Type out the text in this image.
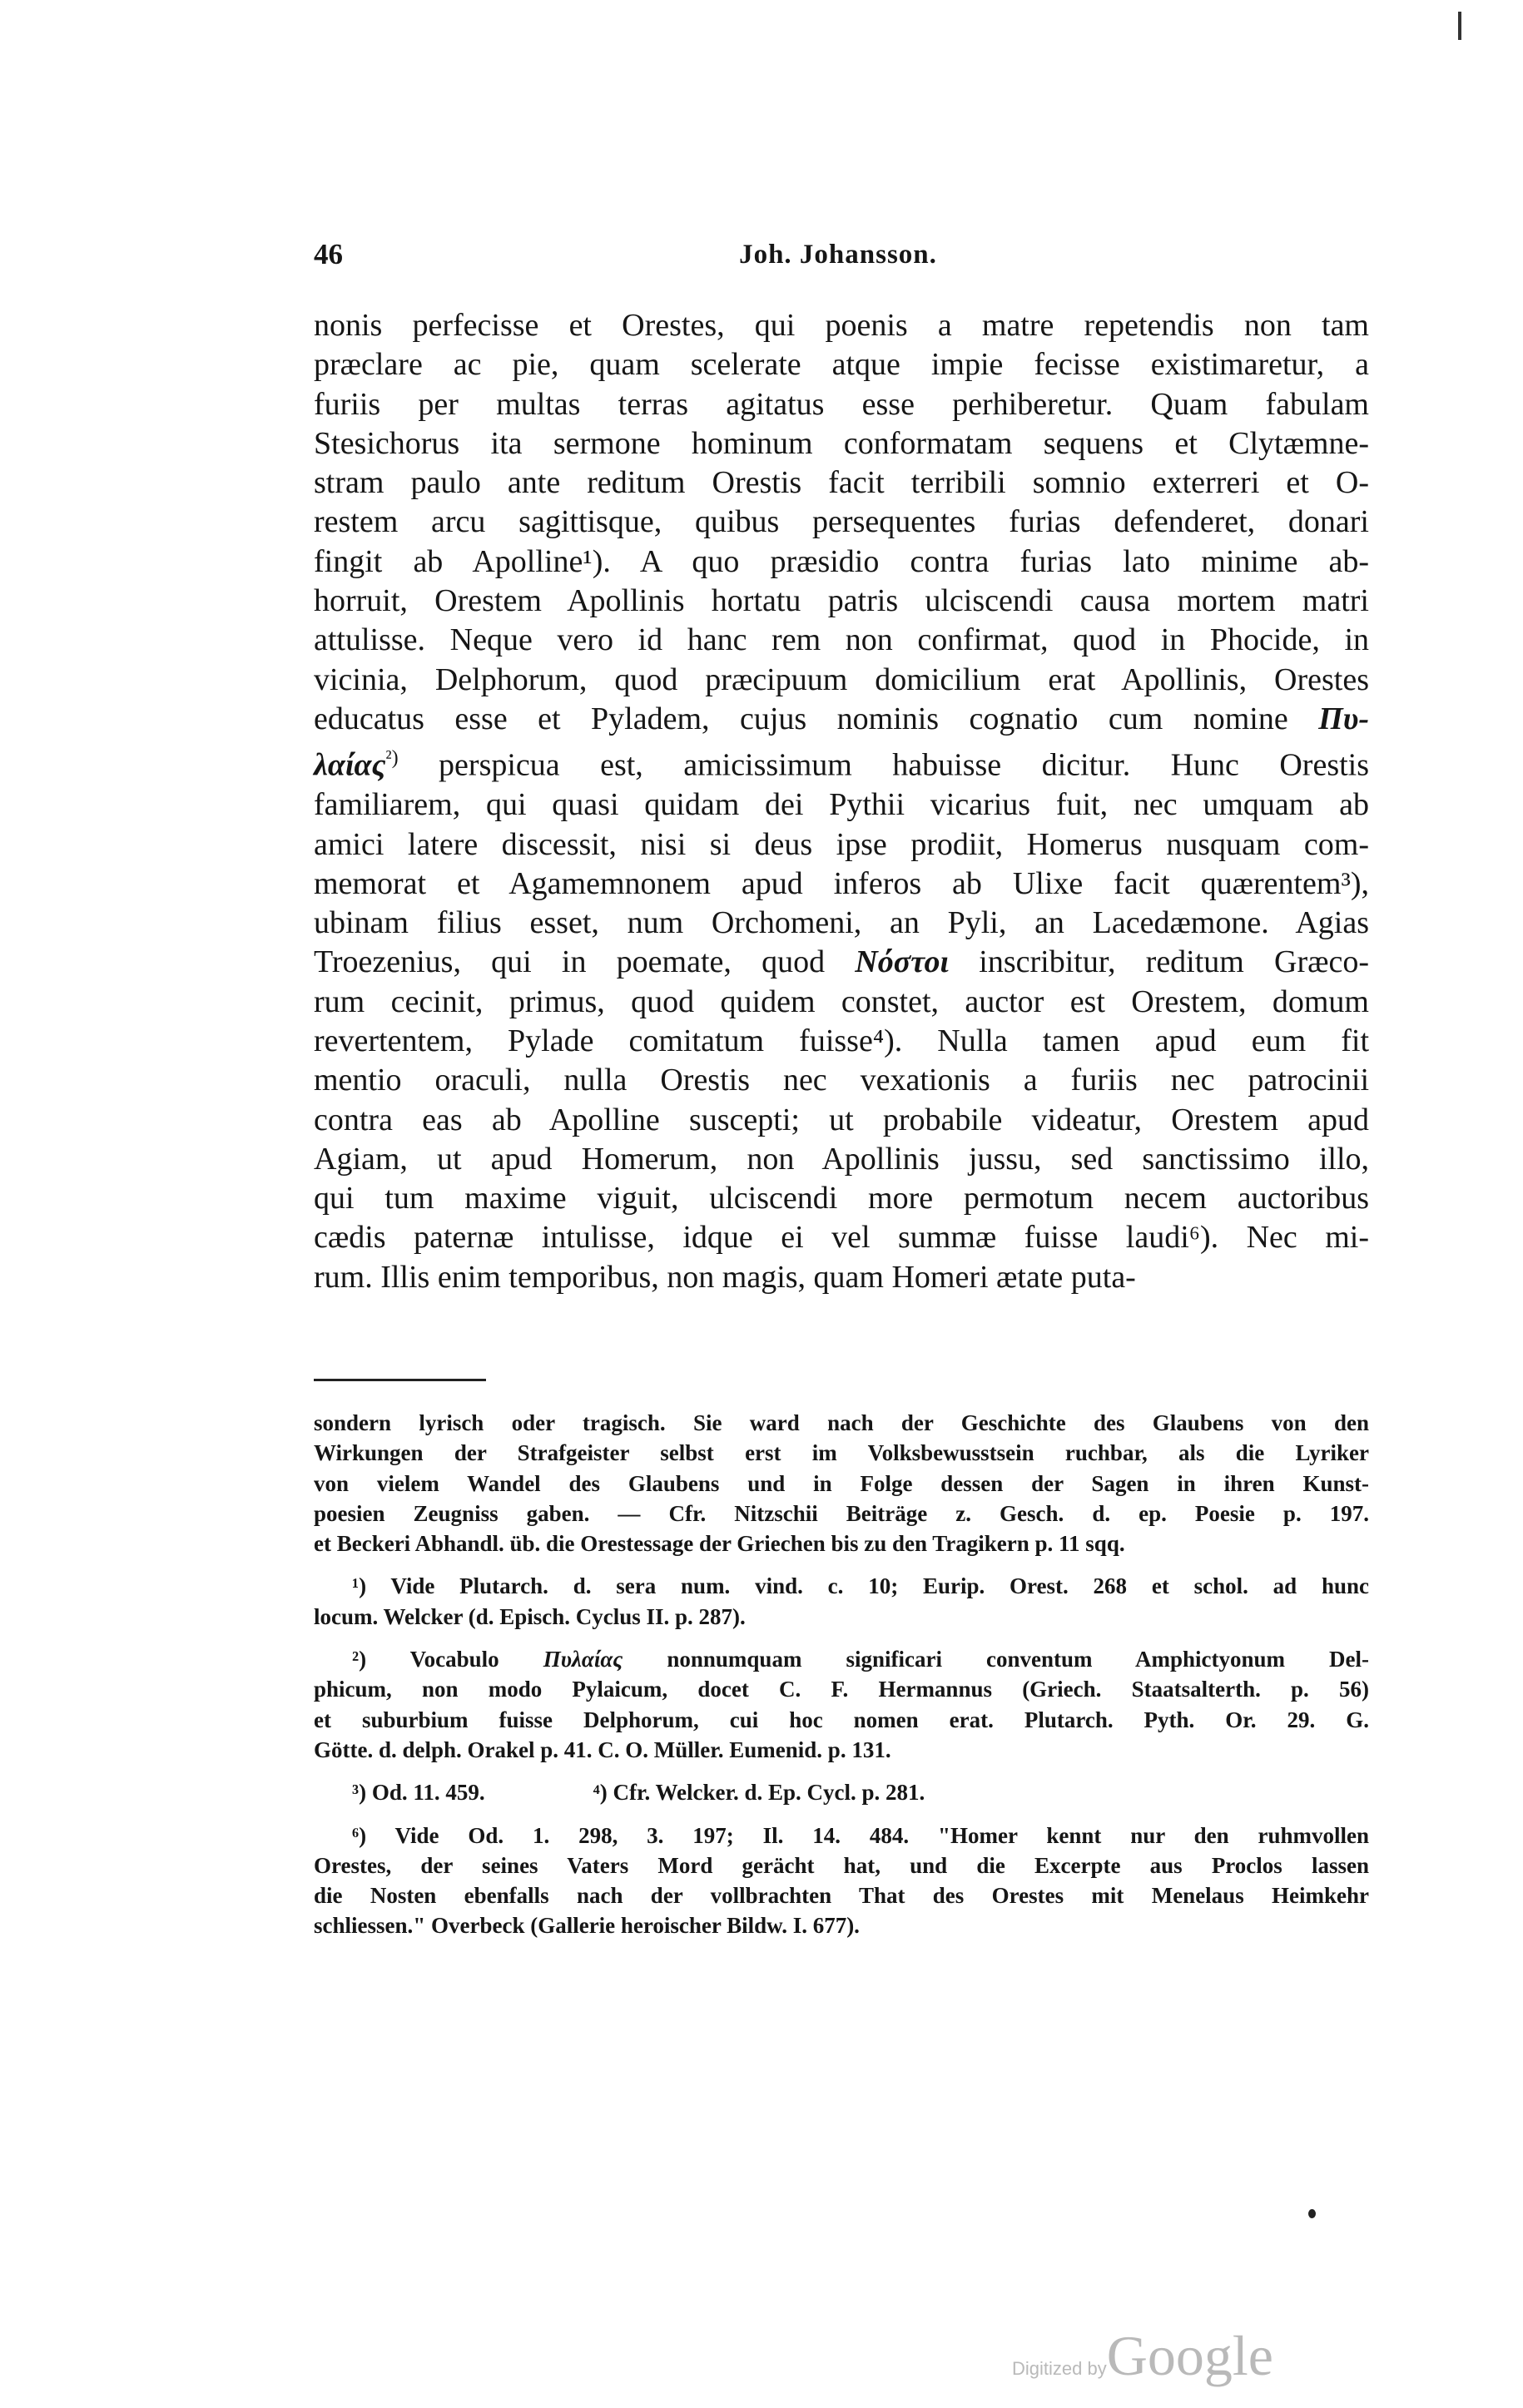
46	Joh. Johansson.
nonis perfecisse et Orestes, qui poenis a matre repetendis non tam
præclare ac pie, quam scelerate atque impie fecisse existimaretur, a
furiis per multas terras agitatus esse perhiberetur. Quam fabulam
Stesichorus ita sermone hominum conformatam sequens et Clytæmne-
stram paulo ante reditum Orestis facit terribili somnio exterreri et O-
restem arcu sagittisque, quibus persequentes furias defenderet, donari
fingit ab Apolline¹). A quo præsidio contra furias lato minime ab-
horruit, Orestem Apollinis hortatu patris ulciscendi causa mortem matri
attulisse. Neque vero id hanc rem non confirmat, quod in Phocide, in
vicinia, Delphorum, quod præcipuum domicilium erat Apollinis, Orestes
educatus esse et Pyladem, cujus nominis cognatio cum nomine Πυ-
λαίας$^{^2)}$ perspicua est, amicissimum habuisse dicitur. Hunc Orestis
familiarem, qui quasi quidam dei Pythii vicarius fuit, nec umquam ab
amici latere discessit, nisi si deus ipse prodiit, Homerus nusquam com-
memorat et Agamemnonem apud inferos ab Ulixe facit quærentem³),
ubinam filius esset, num Orchomeni, an Pyli, an Lacedæmone. Agias
Troezenius, qui in poemate, quod Νόστοι inscribitur, reditum Græco-
rum cecinit, primus, quod quidem constet, auctor est Orestem, domum
revertentem, Pylade comitatum fuisse⁴). Nulla tamen apud eum fit
mentio oraculi, nulla Orestis nec vexationis a furiis nec patrocinii
contra eas ab Apolline suscepti; ut probabile videatur, Orestem apud
Agiam, ut apud Homerum, non Apollinis jussu, sed sanctissimo illo,
qui tum maxime viguit, ulciscendi more permotum necem auctoribus
cædis paternæ intulisse, idque ei vel summæ fuisse laudi⁶). Nec mi-
rum. Illis enim temporibus, non magis, quam Homeri ætate puta-
sondern lyrisch oder tragisch. Sie ward nach der Geschichte des Glaubens von den
Wirkungen der Strafgeister selbst erst im Volksbewusstsein ruchbar, als die Lyriker
von vielem Wandel des Glaubens und in Folge dessen der Sagen in ihren Kunst-
poesien Zeugniss gaben. — Cfr. Nitzschii Beiträge z. Gesch. d. ep. Poesie p. 197.
et Beckeri Abhandl. üb. die Orestessage der Griechen bis zu den Tragikern p. 11 sqq.
¹) Vide Plutarch. d. sera num. vind. c. 10; Eurip. Orest. 268 et schol. ad hunc
locum. Welcker (d. Episch. Cyclus II. p. 287).
²) Vocabulo Πυλαίας nonnumquam significari conventum Amphictyonum Del-
phicum, non modo Pylaicum, docet C. F. Hermannus (Griech. Staatsalterth. p. 56)
et suburbium fuisse Delphorum, cui hoc nomen erat. Plutarch. Pyth. Or. 29. G.
Götte. d. delph. Orakel p. 41. C. O. Müller. Eumenid. p. 131.
³) Od. 11. 459.	⁴) Cfr. Welcker. d. Ep. Cycl. p. 281.
⁶) Vide Od. 1. 298, 3. 197; Il. 14. 484. "Homer kennt nur den ruhmvollen
Orestes, der seines Vaters Mord gerächt hat, und die Excerpte aus Proclos lassen
die Nosten ebenfalls nach der vollbrachten That des Orestes mit Menelaus Heimkehr
schliessen." Overbeck (Gallerie heroischer Bildw. I. 677).
Digitized byGoogle
